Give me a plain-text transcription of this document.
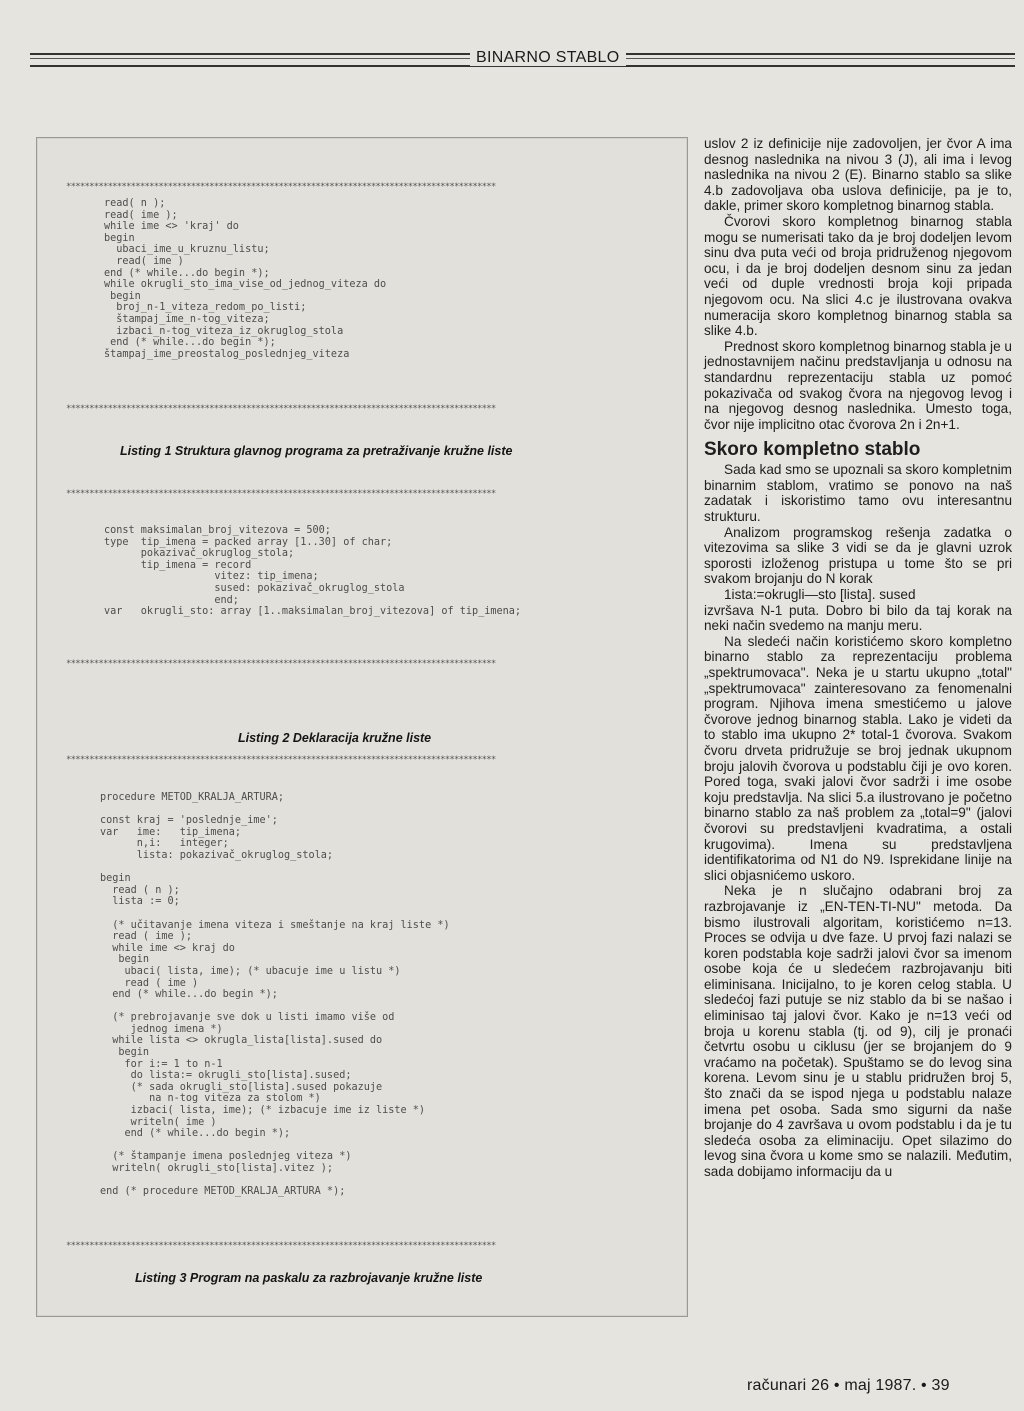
BINARNO STABLO
*********************************************************************************************
read( n );
read( ime );
while ime <> 'kraj' do
begin
ubaci_ime_u_kruznu_listu;
read( ime )
end (* while...do begin *);
while okrugli_sto_ima_vise_od_jednog_viteza do
begin
broj_n-1_viteza_redom_po_listi;
štampaj_ime_n-tog_viteza;
izbaci_n-tog_viteza_iz_okruglog_stola
end (* while...do begin *);
štampaj_ime_preostalog_poslednjeg_viteza
*********************************************************************************************
Listing 1 Struktura glavnog programa za pretraživanje kružne liste
*********************************************************************************************
const maksimalan_broj_vitezova = 500;
type  tip_imena = packed array [1..30] of char;
pokazivač_okruglog_stola;
tip_imena = record
vitez: tip_imena;
sused: pokazivač_okruglog_stola
end;
var   okrugli_sto: array [1..maksimalan_broj_vitezova] of tip_imena;
*********************************************************************************************
Listing 2 Deklaracija kružne liste
*********************************************************************************************
procedure METOD_KRALJA_ARTURA;

const kraj = 'poslednje_ime';
var   ime:   tip_imena;
n,i:   integer;
lista: pokazivač_okruglog_stola;

begin
read ( n );
lista := 0;

(* učitavanje imena viteza i smeštanje na kraj liste *)
read ( ime );
while ime <> kraj do
begin
ubaci( lista, ime); (* ubacuje ime u listu *)
read ( ime )
end (* while...do begin *);

(* prebrojavanje sve dok u listi imamo više od
jednog imena *)
while lista <> okrugla_lista[lista].sused do
begin
for i:= 1 to n-1
do lista:= okrugli_sto[lista].sused;
(* sada okrugli_sto[lista].sused pokazuje
na n-tog viteza za stolom *)
izbaci( lista, ime); (* izbacuje ime iz liste *)
writeln( ime )
end (* while...do begin *);

(* štampanje imena poslednjeg viteza *)
writeln( okrugli_sto[lista].vitez );

end (* procedure METOD_KRALJA_ARTURA *);
*********************************************************************************************
Listing 3 Program na paskalu za razbrojavanje kružne liste

uslov 2 iz definicije nije zadovoljen, jer čvor A ima desnog naslednika na nivou 3 (J), ali ima i levog naslednika na nivou 2 (E). Binarno stablo sa slike 4.b zadovoljava oba uslova definicije, pa je to, dakle, primer skoro kompletnog binarnog stabla.

Čvorovi skoro kompletnog binarnog stabla mogu se numerisati tako da je broj dodeljen levom sinu dva puta veći od broja pridruženog njegovom ocu, i da je broj dodeljen desnom sinu za jedan veći od duple vrednosti broja koji pripada njegovom ocu. Na slici 4.c je ilustrovana ovakva numeracija skoro kompletnog binarnog stabla sa slike 4.b.

Prednost skoro kompletnog binarnog stabla je u jednostavnijem načinu predstavljanja u odnosu na standardnu reprezentaciju stabla uz pomoć pokazivača od svakog čvora na njegovog levog i na njegovog desnog naslednika. Umesto toga, čvor nije implicitno otac čvorova 2n i 2n+1.

Skoro kompletno stablo

Sada kad smo se upoznali sa skoro kompletnim binarnim stablom, vratimo se ponovo na naš zadatak i iskoristimo tamo ovu interesantnu strukturu.

Analizom programskog rešenja zadatka o vitezovima sa slike 3 vidi se da je glavni uzrok sporosti izloženog pristupa u tome što se pri svakom brojanju do N korak

1ista:=okrugli—sto [lista]. sused

izvršava N-1 puta. Dobro bi bilo da taj korak na neki način svedemo na manju meru.

Na sledeći način koristićemo skoro kompletno binarno stablo za reprezentaciju problema „spektrumovaca". Neka je u startu ukupno „total" „spektrumovaca" zainteresovano za fenomenalni program. Njihova imena smestićemo u jalove čvorove jednog binarnog stabla. Lako je videti da to stablo ima ukupno 2* total-1 čvorova. Svakom čvoru drveta pridružuje se broj jednak ukupnom broju jalovih čvorova u podstablu čiji je ovo koren. Pored toga, svaki jalovi čvor sadrži i ime osobe koju predstavlja. Na slici 5.a ilustrovano je početno binarno stablo za naš problem za „total=9" (jalovi čvorovi su predstavljeni kvadratima, a ostali krugovima). Imena su predstavljena identifikatorima od N1 do N9. Isprekidane linije na slici objasnićemo uskoro.

Neka je n slučajno odabrani broj za razbrojavanje iz „EN-TEN-TI-NU" metoda. Da bismo ilustrovali algoritam, koristićemo n=13. Proces se odvija u dve faze. U prvoj fazi nalazi se koren podstabla koje sadrži jalovi čvor sa imenom osobe koja će u sledećem razbrojavanju biti eliminisana. Inicijalno, to je koren celog stabla. U sledećoj fazi putuje se niz stablo da bi se našao i eliminisao taj jalovi čvor. Kako je n=13 veći od broja u korenu stabla (tj. od 9), cilj je pronaći četvrtu osobu u ciklusu (jer se brojanjem do 9 vraćamo na početak). Spuštamo se do levog sina korena. Levom sinu je u stablu pridružen broj 5, što znači da se ispod njega u podstablu nalaze imena pet osoba. Sada smo sigurni da naše brojanje do 4 završava u ovom podstablu i da je tu sledeća osoba za eliminaciju. Opet silazimo do levog sina čvora u kome smo se nalazili. Međutim, sada dobijamo informaciju da u

računari 26 • maj 1987. • 39
